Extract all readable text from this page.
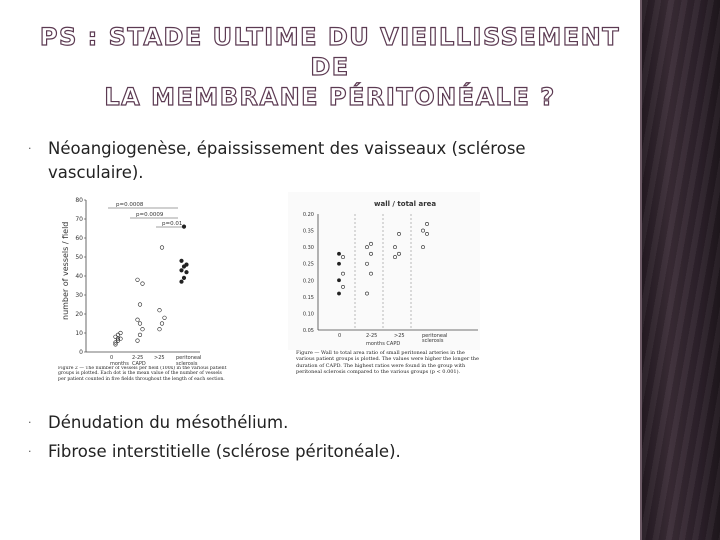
PS : STADE ULTIME DU VIEILLISSEMENT DE
LA MEMBRANE PÉRITONÉALE ?
· Néoangiogenèse, épaississement des vaisseaux (sclérose
vasculaire).
0
10
20
30
40
50
60
70
80
0
months
2-25
CAPD
>25 peritoneal
sclerosis
number of vessels / field
p=0.0008
p=0.0009
p=0.01
Figure 2 — The number of vessels per field (100x) in the various patient groups is plotted. Each dot is the mean value of the number of vessels per patient counted in five fields throughout the length of each section.
wall / total area
0.20
0.35
0.30
0.25
0.20
0.15
0.10
0.05
0	2-25	>25	peritoneal
sclerosis
months CAPD
Figure — Wall to total area ratio of small peritoneal arteries in the various patient groups is plotted. The values were higher the longer the duration of CAPD. The highest ratios were found in the group with peritoneal sclerosis compared to the various groups (p < 0.001).
· Dénudation du mésothélium.
· Fibrose interstitielle (sclérose péritonéale).
